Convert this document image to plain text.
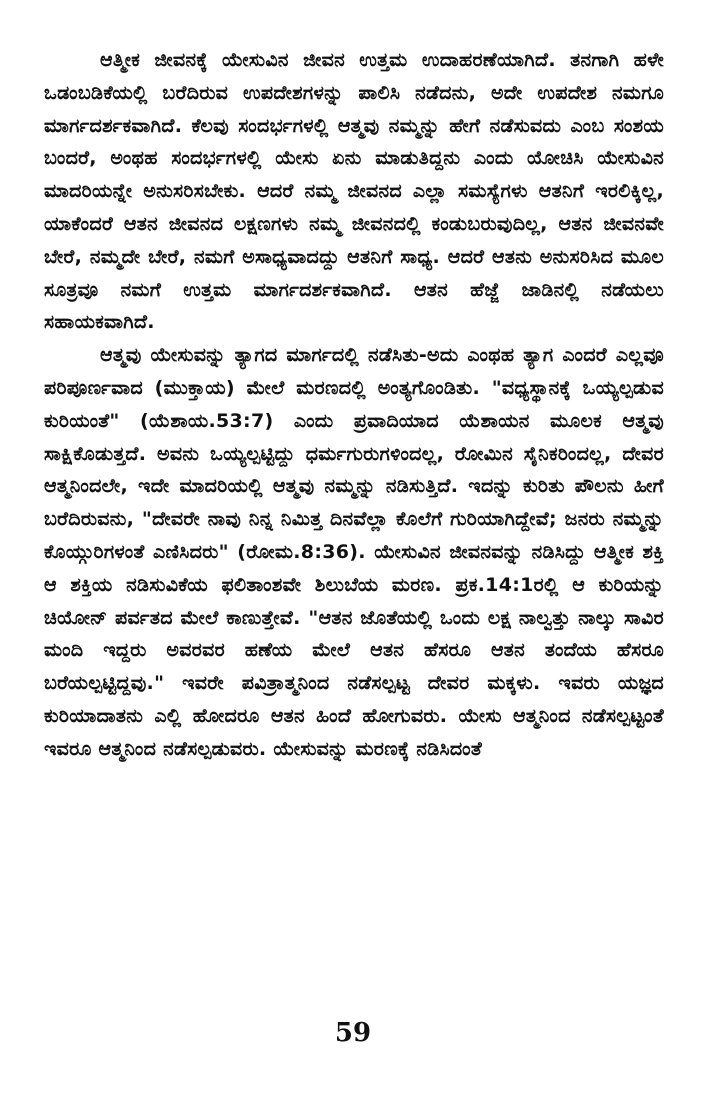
ಆತ್ಮೀಕ ಜೀವನಕ್ಕೆ ಯೇಸುವಿನ ಜೀವನ ಉತ್ತಮ ಉದಾಹರಣೆಯಾಗಿದೆ. ತನಗಾಗಿ ಹಳೇ ಒಡಂಬಡಿಕೆಯಲ್ಲಿ ಬರೆದಿರುವ ಉಪದೇಶಗಳನ್ನು ಪಾಲಿಸಿ ನಡೆದನು, ಅದೇ ಉಪದೇಶ ನಮಗೂ ಮಾರ್ಗದರ್ಶಕವಾಗಿದೆ. ಕೆಲವು ಸಂದರ್ಭಗಳಲ್ಲಿ ಆತ್ಮವು ನಮ್ಮನ್ನು ಹೇಗೆ ನಡೆಸುವದು ಎಂಬ ಸಂಶಯ ಬಂದರೆ, ಅಂಥಹ ಸಂದರ್ಭಗಳಲ್ಲಿ ಯೇಸು ಏನು ಮಾಡುತಿದ್ದನು ಎಂದು ಯೋಚಿಸಿ ಯೇಸುವಿನ ಮಾದರಿಯನ್ನೇ ಅನುಸರಿಸಬೇಕು. ಆದರೆ ನಮ್ಮ ಜೀವನದ ಎಲ್ಲಾ ಸಮಸ್ಯೆಗಳು ಆತನಿಗೆ ಇರಲಿಕ್ಕಿಲ್ಲ, ಯಾಕೆಂದರೆ ಆತನ ಜೀವನದ ಲಕ್ಷಣಗಳು ನಮ್ಮ ಜೀವನದಲ್ಲಿ ಕಂಡುಬರುವುದಿಲ್ಲ, ಆತನ ಜೀವನವೇ ಬೇರೆ, ನಮ್ಮದೇ ಬೇರೆ, ನಮಗೆ ಅಸಾಧ್ಯವಾದದ್ದು ಆತನಿಗೆ ಸಾಧ್ಯ. ಆದರೆ ಆತನು ಅನುಸರಿಸಿದ ಮೂಲ ಸೂತ್ರವೂ ನಮಗೆ ಉತ್ತಮ ಮಾರ್ಗದರ್ಶಕವಾಗಿದೆ. ಆತನ ಹೆಜ್ಜೆ ಜಾಡಿನಲ್ಲಿ ನಡೆಯಲು ಸಹಾಯಕವಾಗಿದೆ.

ಆತ್ಮವು ಯೇಸುವನ್ನು ತ್ಯಾಗದ ಮಾರ್ಗದಲ್ಲಿ ನಡೆಸಿತು-ಅದು ಎಂಥಹ ತ್ಯಾಗ ಎಂದರೆ ಎಲ್ಲವೂ ಪರಿಪೂರ್ಣವಾದ (ಮುಕ್ತಾಯ) ಮೇಲೆ ಮರಣದಲ್ಲಿ ಅಂತ್ಯಗೊಂಡಿತು. "ವಧ್ಯಸ್ಥಾನಕ್ಕೆ ಒಯ್ಯಲ್ಪಡುವ ಕುರಿಯಂತೆ" (ಯೆಶಾಯ.53:7) ಎಂದು ಪ್ರವಾದಿಯಾದ ಯೆಶಾಯನ ಮೂಲಕ ಆತ್ಮವು ಸಾಕ್ಷಿಕೊಡುತ್ತದೆ. ಅವನು ಒಯ್ಯಲ್ಪಟ್ಟಿದ್ದು ಧರ್ಮಗುರುಗಳಿಂದಲ್ಲ, ರೋಮಿನ ಸೈನಿಕರಿಂದಲ್ಲ, ದೇವರ ಆತ್ಮನಿಂದಲೇ, ಇದೇ ಮಾದರಿಯಲ್ಲಿ ಆತ್ಮವು ನಮ್ಮನ್ನು ನಡಿಸುತ್ತಿದೆ. ಇದನ್ನು ಕುರಿತು ಪೌಲನು ಹೀಗೆ ಬರೆದಿರುವನು, "ದೇವರೇ ನಾವು ನಿನ್ನ ನಿಮಿತ್ತ ದಿನವೆಲ್ಲಾ ಕೊಲೆಗೆ ಗುರಿಯಾಗಿದ್ದೇವೆ; ಜನರು ನಮ್ಮನ್ನು ಕೊಯ್ಗುರಿಗಳಂತೆ ಎಣಿಸಿದರು" (ರೋಮ.8:36). ಯೇಸುವಿನ ಜೀವನವನ್ನು ನಡಿಸಿದ್ದು ಆತ್ಮೀಕ ಶಕ್ತಿ ಆ ಶಕ್ತಿಯ ನಡಿಸುವಿಕೆಯ ಫಲಿತಾಂಶವೇ ಶಿಲುಬೆಯ ಮರಣ. ಪ್ರಕ.14:1ರಲ್ಲಿ ಆ ಕುರಿಯನ್ನು ಚಿಯೋನ್ ಪರ್ವತದ ಮೇಲೆ ಕಾಣುತ್ತೇವೆ. "ಆತನ ಜೊತೆಯಲ್ಲಿ ಒಂದು ಲಕ್ಷ ನಾಲ್ವತ್ತು ನಾಲ್ಕು ಸಾವಿರ ಮಂದಿ ಇದ್ದರು ಅವರವರ ಹಣೆಯ ಮೇಲೆ ಆತನ ಹೆಸರೂ ಆತನ ತಂದೆಯ ಹೆಸರೂ ಬರೆಯಲ್ಪಟ್ಟಿದ್ದವು." ಇವರೇ ಪವಿತ್ರಾತ್ಮನಿಂದ ನಡೆಸಲ್ಪಟ್ಟ ದೇವರ ಮಕ್ಕಳು. ಇವರು ಯಜ್ಞದ ಕುರಿಯಾದಾತನು ಎಲ್ಲಿ ಹೋದರೂ ಆತನ ಹಿಂದೆ ಹೋಗುವರು. ಯೇಸು ಆತ್ಮನಿಂದ ನಡೆಸಲ್ಪಟ್ಟಂತೆ ಇವರೂ ಆತ್ಮನಿಂದ ನಡೆಸಲ್ಪಡುವರು. ಯೇಸುವನ್ನು ಮರಣಕ್ಕೆ ನಡಿಸಿದಂತೆ

59
